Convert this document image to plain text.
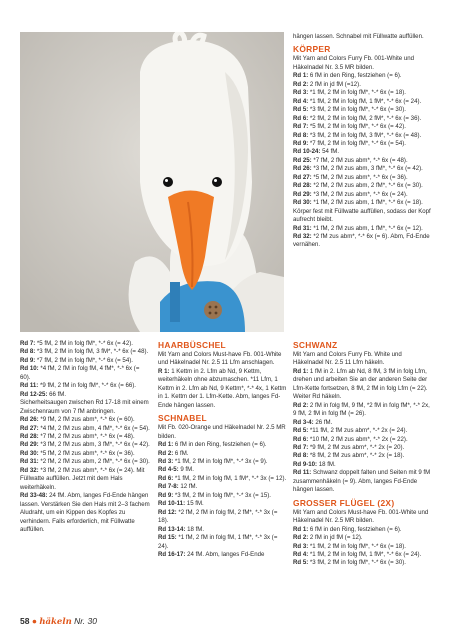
hängen lassen. Schnabel mit Füllwatte auffüllen.

KÖRPER

Mit Yarn and Colors Furry Fb. 001-White und Häkelnadel Nr. 3.5 MR bilden.

Rd 1: 6 fM in den Ring, festziehen (= 6).

Rd 2: 2 fM in jd fM (=12).

Rd 3: *1 fM, 2 fM in folg fM*, *-* 6x (= 18).

Rd 4: *1 fM, 2 fM in folg fM, 1 fM*, *-* 6x (= 24).

Rd 5: *3 fM, 2 fM in folg fM*, *-* 6x (= 30).

Rd 6: *2 fM, 2 fM in folg fM, 2 fM*, *-* 6x (= 36).

Rd 7: *5 fM, 2 fM in folg fM*, *-* 6x (= 42).

Rd 8: *3 fM, 2 fM in folg fM, 3 fM*, *-* 6x (= 48).

Rd 9: *7 fM, 2 fM in folg fM*, *-* 6x (= 54).

Rd 10-24: 54 fM.

Rd 25: *7 fM, 2 fM zus abm*, *-* 6x (= 48).

Rd 26: *3 fM, 2 fM zus abm, 3 fM*, *-* 6x (= 42).

Rd 27: *5 fM, 2 fM zus abm*, *-* 6x (= 36).

Rd 28: *2 fM, 2 fM zus abm, 2 fM*, *-* 6x (= 30).

Rd 29: *3 fM, 2 fM zus abm*, *-* 6x (= 24).

Rd 30: *1 fM, 2 fM zus abm, 1 fM*, *-* 6x (= 18). Körper fest mit Füllwatte auffüllen, sodass der Kopf aufrecht bleibt.

Rd 31: *1 fM, 2 fM zus abm, 1 fM*, *-* 6x (= 12).

Rd 32: *2 fM zus abm*, *-* 6x (= 6). Abm, Fd-Ende vernähen.

Rd 7: *5 fM, 2 fM in folg fM*, *-* 6x (= 42).

Rd 8: *3 fM, 2 fM in folg fM, 3 fM*, *-* 6x (= 48).

Rd 9: *7 fM, 2 fM in folg fM*, *-* 6x (= 54).

Rd 10: *4 fM, 2 fM in folg fM, 4 fM*, *-* 6x (= 60).

Rd 11: *9 fM, 2 fM in folg fM*, *-* 6x (= 66).

Rd 12-25: 66 fM.

Sicherheitsaugen zwischen Rd 17-18 mit einem Zwischenraum von 7 fM anbringen.

Rd 26: *9 fM, 2 fM zus abm*, *-* 6x (= 60).

Rd 27: *4 fM, 2 fM zus abm, 4 fM*, *-* 6x (= 54).

Rd 28: *7 fM, 2 fM zus abm*, *-* 6x (= 48).

Rd 29: *3 fM, 2 fM zus abm, 3 fM*, *-* 6x (= 42).

Rd 30: *5 fM, 2 fM zus abm*, *-* 6x (= 36).

Rd 31: *2 fM, 2 fM zus abm, 2 fM*, *-* 6x (= 30).

Rd 32: *3 fM, 2 fM zus abm*, *-* 6x (= 24). Mit Füllwatte auffüllen. Jetzt mit dem Hals weiterhäkeln.

Rd 33-48: 24 fM. Abm, langes Fd-Ende hängen lassen. Verstärken Sie den Hals mit 2–3 fachem Aludraht, um ein Kippen des Kopfes zu verhindern. Falls erforderlich, mit Füllwatte auffüllen.

HAARBÜSCHEL

Mit Yarn and Colors Must-have Fb. 001-White und Häkelnadel Nr. 2.5 11 Lfm anschlagen.

R 1: 1 Kettm in 2. Lfm ab Nd, 9 Kettm, weiterhäkeln ohne abzumaschen. *11 Lfm, 1 Kettm in 2. Lfm ab Nd, 9 Kettm*, *-* 4x, 1 Kettm in 1. Kettm der 1. Lfm-Kette. Abm, langes Fd-Ende hängen lassen.

SCHNABEL

Mit Fb. 020-Orange und Häkelnadel Nr. 2.5 MR bilden.

Rd 1: 6 fM in den Ring, festziehen (= 6).

Rd 2: 6 fM.

Rd 3: *1 fM, 2 fM in folg fM*, *-* 3x (= 9).

Rd 4-5: 9 fM.

Rd 6: *1 fM, 2 fM in folg fM, 1 fM*, *-* 3x (= 12).

Rd 7-8: 12 fM.

Rd 9: *3 fM, 2 fM in folg fM*, *-* 3x (= 15).

Rd 10-11: 15 fM.

Rd 12: *2 fM, 2 fM in folg fM, 2 fM*, *-* 3x (= 18).

Rd 13-14: 18 fM.

Rd 15: *1 fM, 2 fM in folg fM, 1 fM*, *-* 3x (= 24).

Rd 16-17: 24 fM. Abm, langes Fd-Ende

SCHWANZ

Mit Yarn and Colors Furry Fb. White und Häkelnadel Nr. 2.5 11 Lfm häkeln.

Rd 1: 1 fM in 2. Lfm ab Nd, 8 fM, 3 fM in folg Lfm, drehen und arbeiten Sie an der anderen Seite der Lfm-Kette fortsetzen, 8 fM, 2 fM in folg Lfm (= 22). Weiter Rd häkeln.

Rd 2: 2 fM in folg fM, 9 fM, *2 fM in folg fM*, *-* 2x, 9 fM, 2 fM in folg fM (= 26).

Rd 3-4: 26 fM.

Rd 5: *11 fM, 2 fM zus abm*, *-* 2x (= 24).

Rd 6: *10 fM, 2 fM zus abm*, *-* 2x (= 22).

Rd 7: *9 fM, 2 fM zus abm*, *-* 2x (= 20).

Rd 8: *8 fM, 2 fM zus abm*, *-* 2x (= 18).

Rd 9-10: 18 fM.

Rd 11: Schwanz doppelt falten und Seiten mit 9 fM zusammenhäkeln (= 9). Abm, langes Fd-Ende hängen lassen.

GROSSER FLÜGEL (2X)

Mit Yarn and Colors Must-have Fb. 001-White und Häkelnadel Nr. 2.5 MR bilden.

Rd 1: 6 fM in den Ring, festziehen (= 6).

Rd 2: 2 fM in jd fM (= 12).

Rd 3: *1 fM, 2 fM in folg fM*, *-* 6x (= 18).

Rd 4: *1 fM, 2 fM in folg fM, 1 fM*, *-* 6x (= 24).

Rd 5: *3 fM, 2 fM in folg fM*, *-* 6x (= 30).

58 ● häkeln Nr. 30
